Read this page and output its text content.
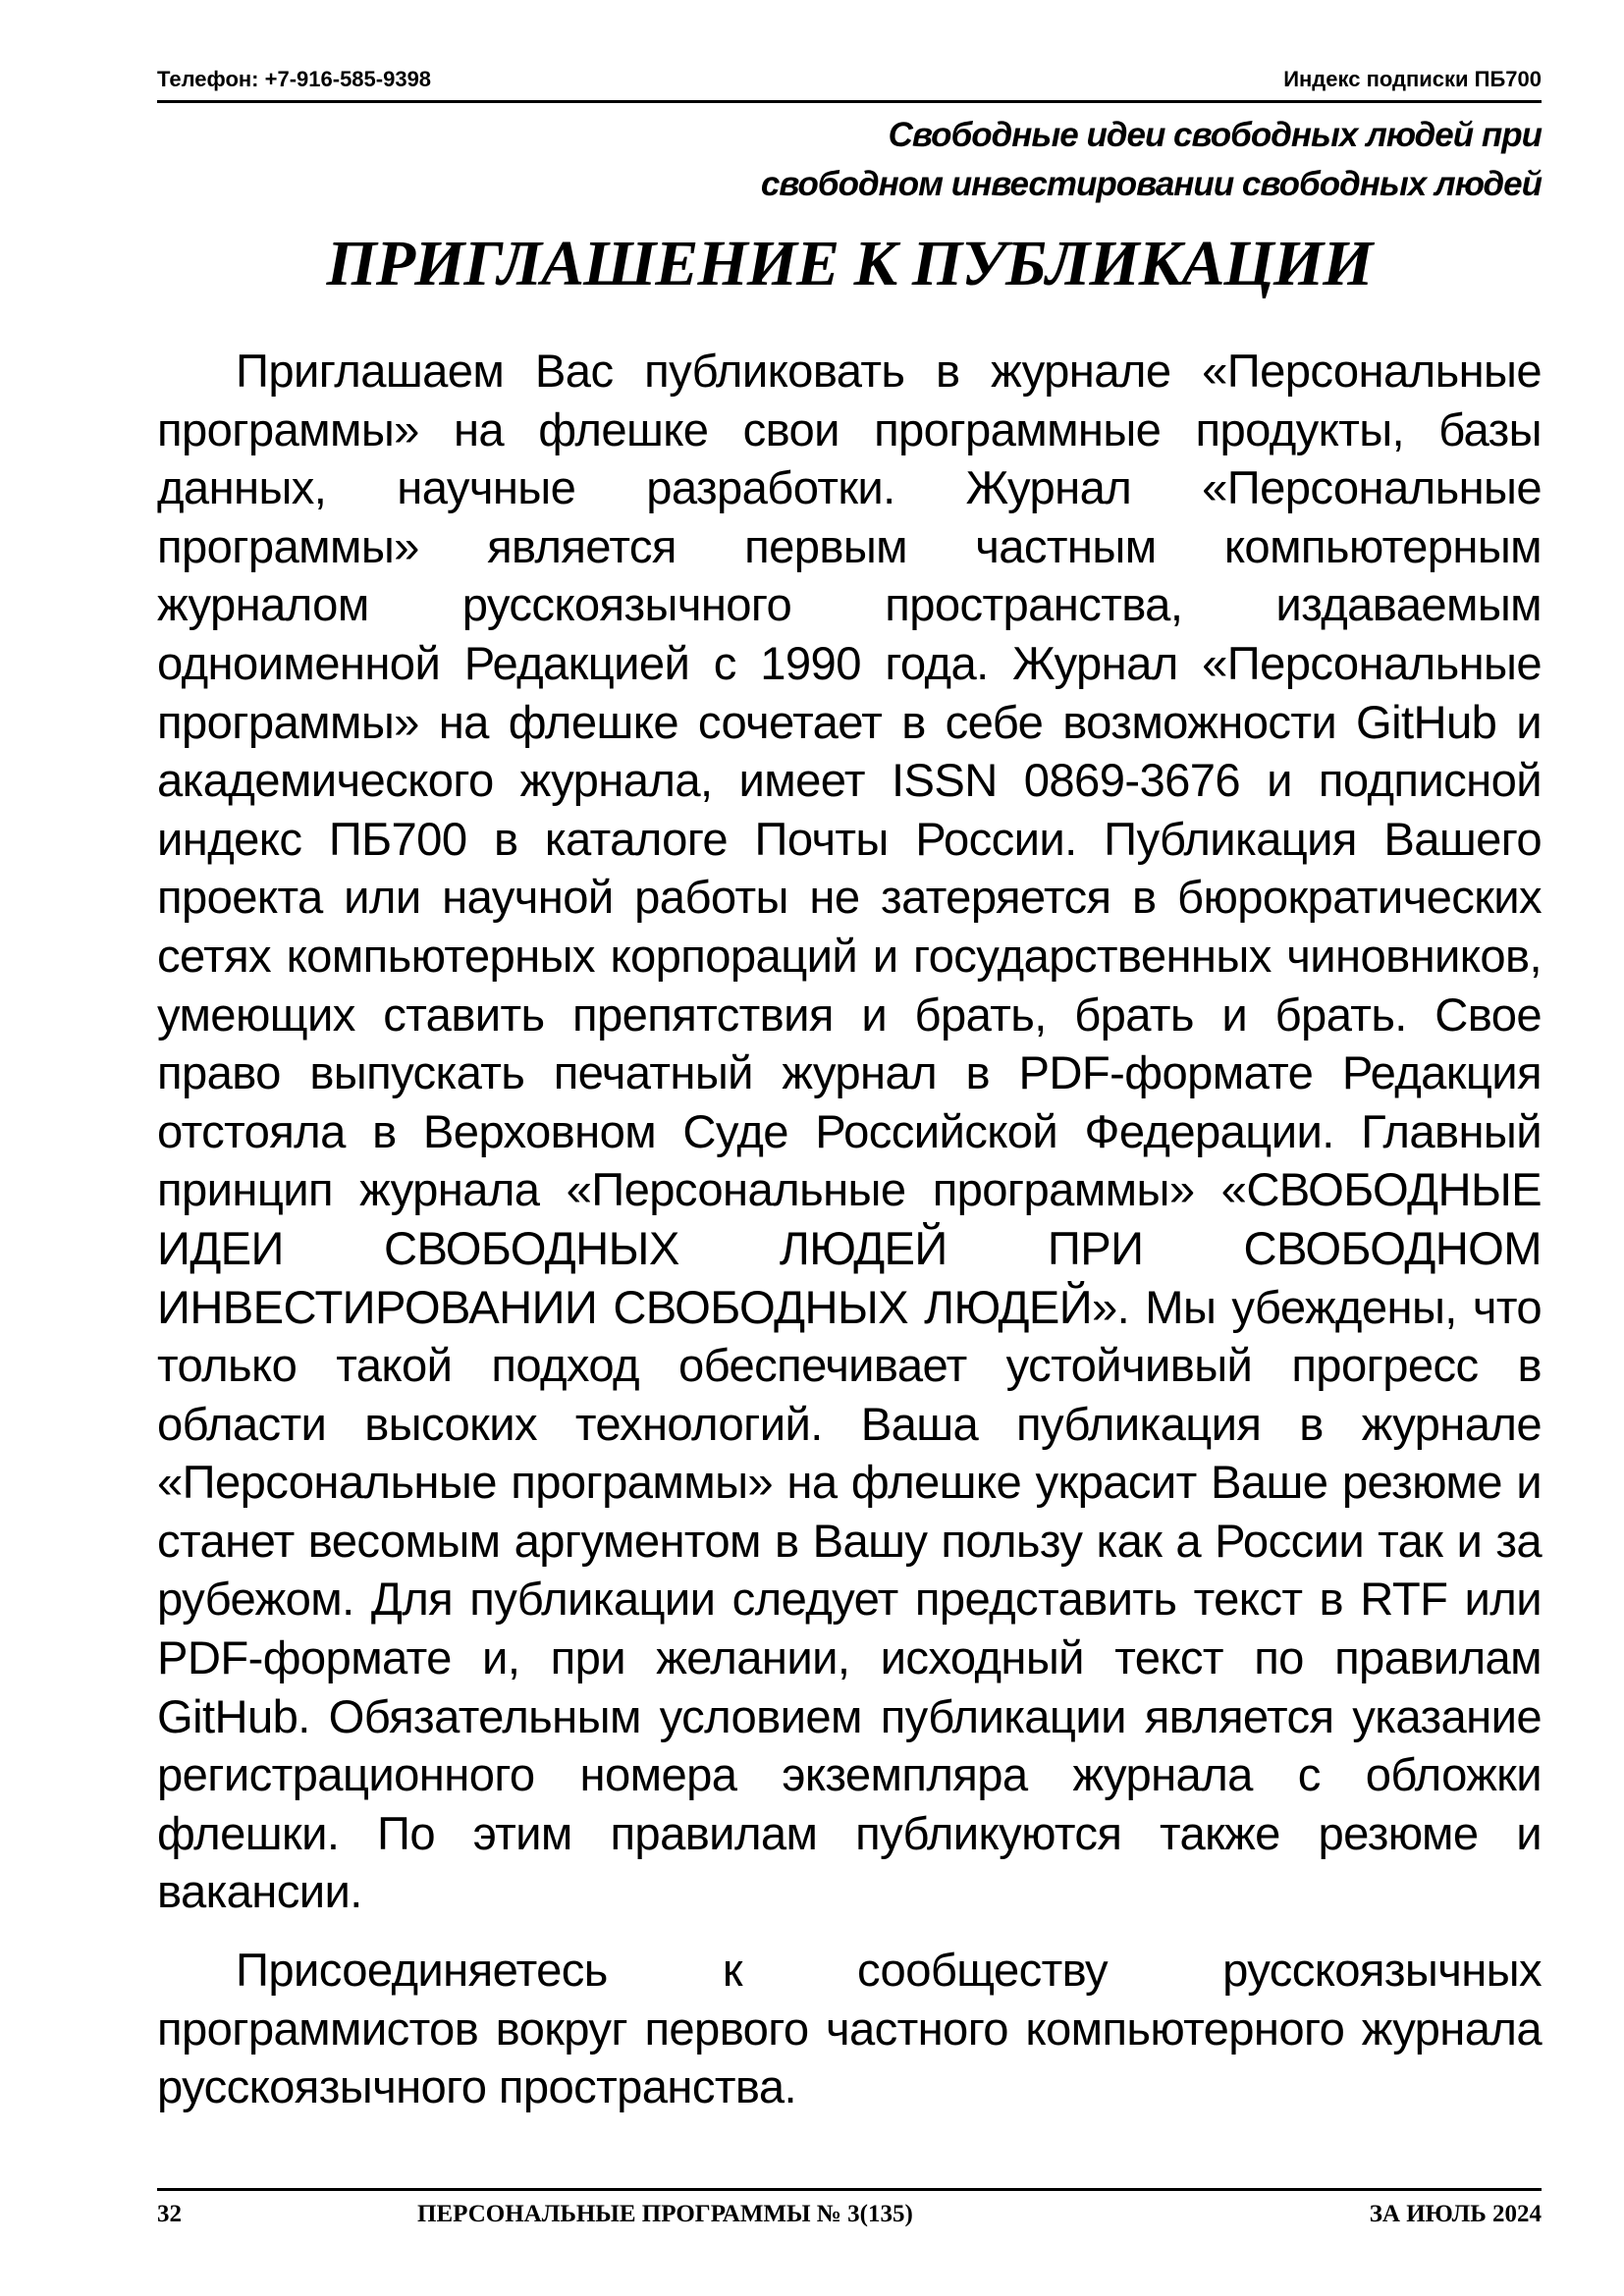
Телефон: +7-916-585-9398	Индекс подписки ПБ700
Свободные идеи свободных людей при
свободном инвестировании свободных людей
ПРИГЛАШЕНИЕ К ПУБЛИКАЦИИ

Приглашаем Вас публиковать в журнале «Персональные программы» на флешке свои программные продукты, базы данных, научные разработки. Журнал «Персональные программы» является первым частным компьютерным журналом русскоязычного пространства, издаваемым одноименной Редакцией с 1990 года. Журнал «Персональные программы» на флешке сочетает в себе возможности GitHub и академического журнала, имеет ISSN 0869-3676 и подписной индекс ПБ700 в каталоге Почты России. Публикация Вашего проекта или научной работы не затеряется в бюрократических сетях компьютерных корпораций и государственных чиновников, умеющих ставить препятствия и брать, брать и брать. Свое право выпускать печатный журнал в PDF-формате Редакция отстояла в Верховном Суде Российской Федерации. Главный принцип журнала «Персональные программы» «СВОБОДНЫЕ ИДЕИ СВОБОДНЫХ ЛЮДЕЙ ПРИ СВОБОДНОМ ИНВЕСТИРОВАНИИ СВОБОДНЫХ ЛЮДЕЙ». Мы убеждены, что только такой подход обеспечивает устойчивый прогресс в области высоких технологий. Ваша публикация в журнале «Персональные программы» на флешке украсит Ваше резюме и станет весомым аргументом в Вашу пользу как а России так и за рубежом. Для публикации следует представить текст в RTF или PDF-формате и, при желании, исходный текст по правилам GitHub. Обязательным условием публикации является указание регистрационного номера экземпляра журнала с обложки флешки. По этим правилам публикуются также резюме и вакансии.

Присоединяетесь к сообществу русскоязычных программистов вокруг первого частного компьютерного журнала русскоязычного пространства.

32	ПЕРСОНАЛЬНЫЕ ПРОГРАММЫ № 3(135)	ЗА ИЮЛЬ 2024
